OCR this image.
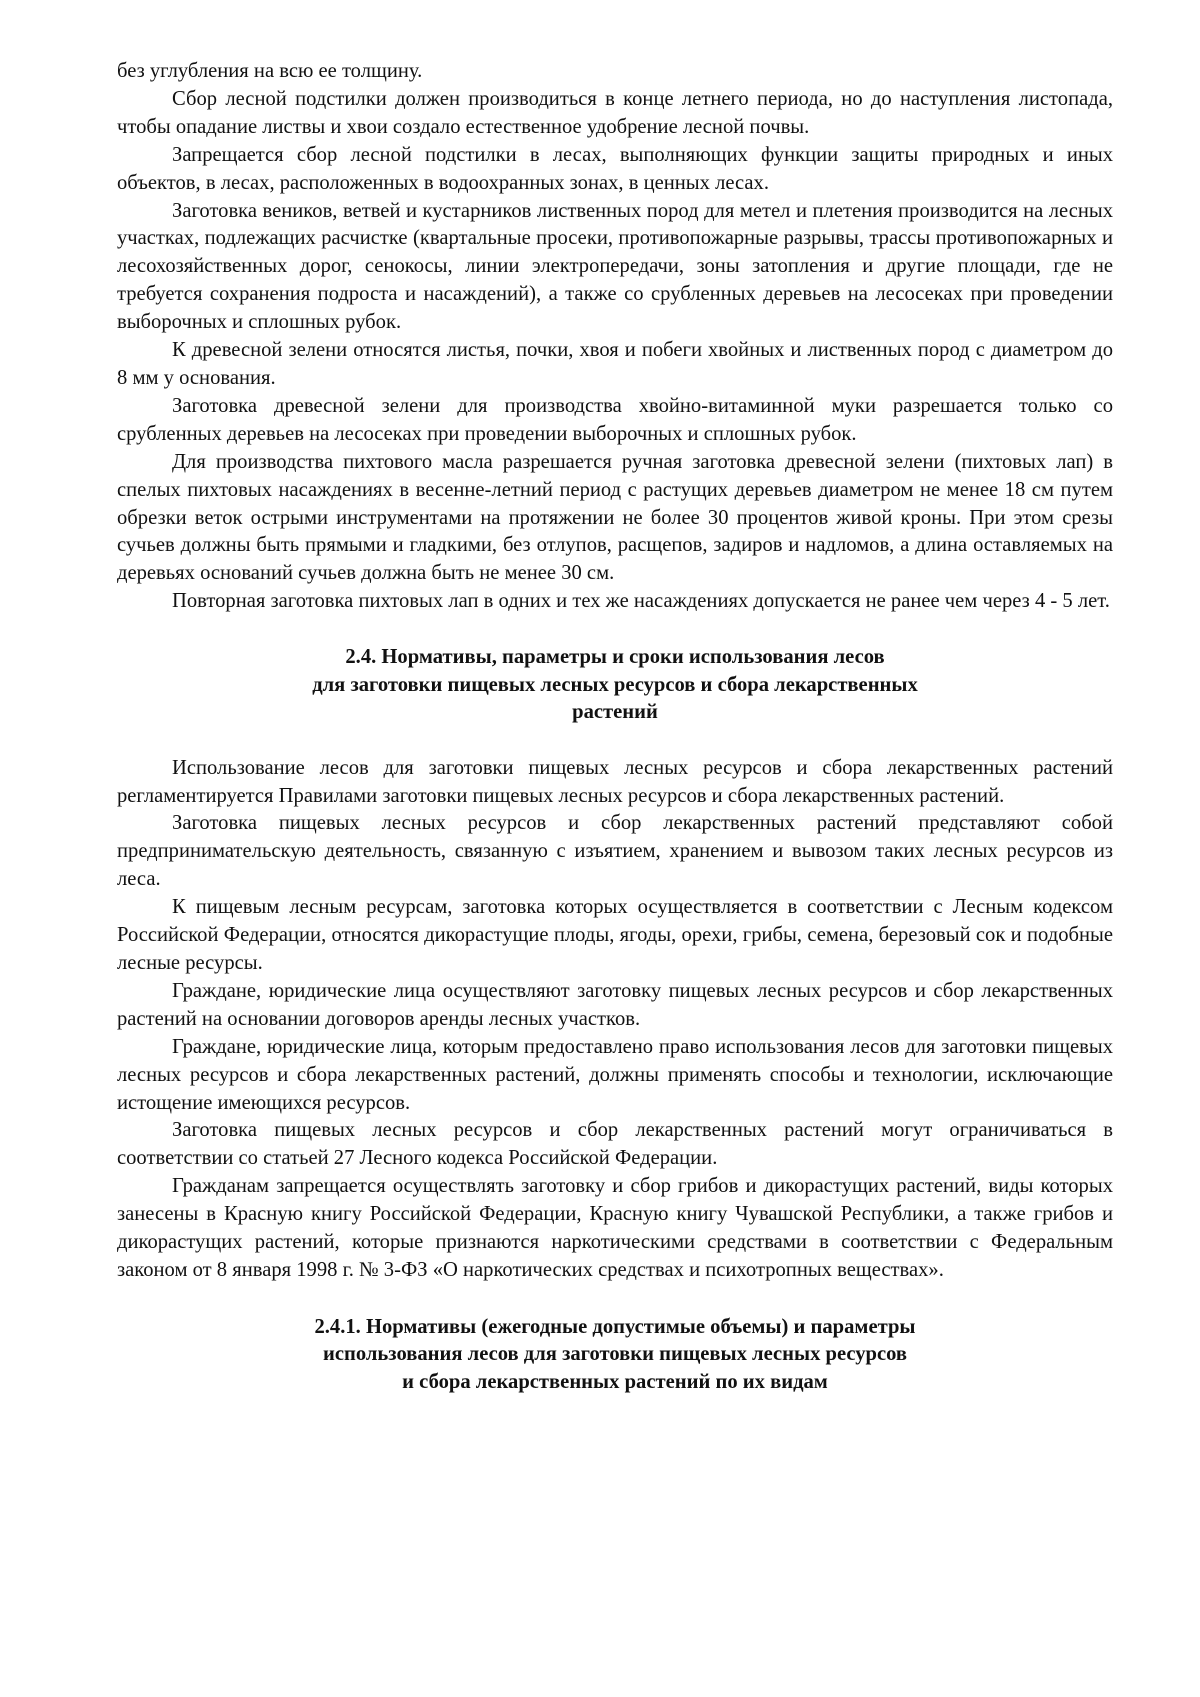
без углубления на всю ее толщину.

Сбор лесной подстилки должен производиться в конце летнего периода, но до наступления листопада, чтобы опадание листвы и хвои создало естественное удобрение лесной почвы.

Запрещается сбор лесной подстилки в лесах, выполняющих функции защиты природных и иных объектов, в лесах, расположенных в водоохранных зонах, в ценных лесах.

Заготовка веников, ветвей и кустарников лиственных пород для метел и плетения производится на лесных участках, подлежащих расчистке (квартальные просеки, противопожарные разрывы, трассы противопожарных и лесохозяйственных дорог, сенокосы, линии электропередачи, зоны затопления и другие площади, где не требуется сохранения подроста и насаждений), а также со срубленных деревьев на лесосеках при проведении выборочных и сплошных рубок.

К древесной зелени относятся листья, почки, хвоя и побеги хвойных и лиственных пород с диаметром до 8 мм у основания.

Заготовка древесной зелени для производства хвойно-витаминной муки разрешается только со срубленных деревьев на лесосеках при проведении выборочных и сплошных рубок.

Для производства пихтового масла разрешается ручная заготовка древесной зелени (пихтовых лап) в спелых пихтовых насаждениях в весенне-летний период с растущих деревьев диаметром не менее 18 см путем обрезки веток острыми инструментами на протяжении не более 30 процентов живой кроны. При этом срезы сучьев должны быть прямыми и гладкими, без отлупов, расщепов, задиров и надломов, а длина оставляемых на деревьях оснований сучьев должна быть не менее 30 см.

Повторная заготовка пихтовых лап в одних и тех же насаждениях допускается не ранее чем через 4 - 5 лет.

2.4. Нормативы, параметры и сроки использования лесов
для заготовки пищевых лесных ресурсов и сбора лекарственных
растений

Использование лесов для заготовки пищевых лесных ресурсов и сбора лекарственных растений регламентируется Правилами заготовки пищевых лесных ресурсов и сбора лекарственных растений.

Заготовка пищевых лесных ресурсов и сбор лекарственных растений представляют собой предпринимательскую деятельность, связанную с изъятием, хранением и вывозом таких лесных ресурсов из леса.

К пищевым лесным ресурсам, заготовка которых осуществляется в соответствии с Лесным кодексом Российской Федерации, относятся дикорастущие плоды, ягоды, орехи, грибы, семена, березовый сок и подобные лесные ресурсы.

Граждане, юридические лица осуществляют заготовку пищевых лесных ресурсов и сбор лекарственных растений на основании договоров аренды лесных участков.

Граждане, юридические лица, которым предоставлено право использования лесов для заготовки пищевых лесных ресурсов и сбора лекарственных растений, должны применять способы и технологии, исключающие истощение имеющихся ресурсов.

Заготовка пищевых лесных ресурсов и сбор лекарственных растений могут ограничиваться в соответствии со статьей 27 Лесного кодекса Российской Федерации.

Гражданам запрещается осуществлять заготовку и сбор грибов и дикорастущих растений, виды которых занесены в Красную книгу Российской Федерации, Красную книгу Чувашской Республики, а также грибов и дикорастущих растений, которые признаются наркотическими средствами в соответствии с Федеральным законом от 8 января 1998 г. № 3-ФЗ «О наркотических средствах и психотропных веществах».

2.4.1. Нормативы (ежегодные допустимые объемы) и параметры
использования лесов для заготовки пищевых лесных ресурсов
и сбора лекарственных растений по их видам
